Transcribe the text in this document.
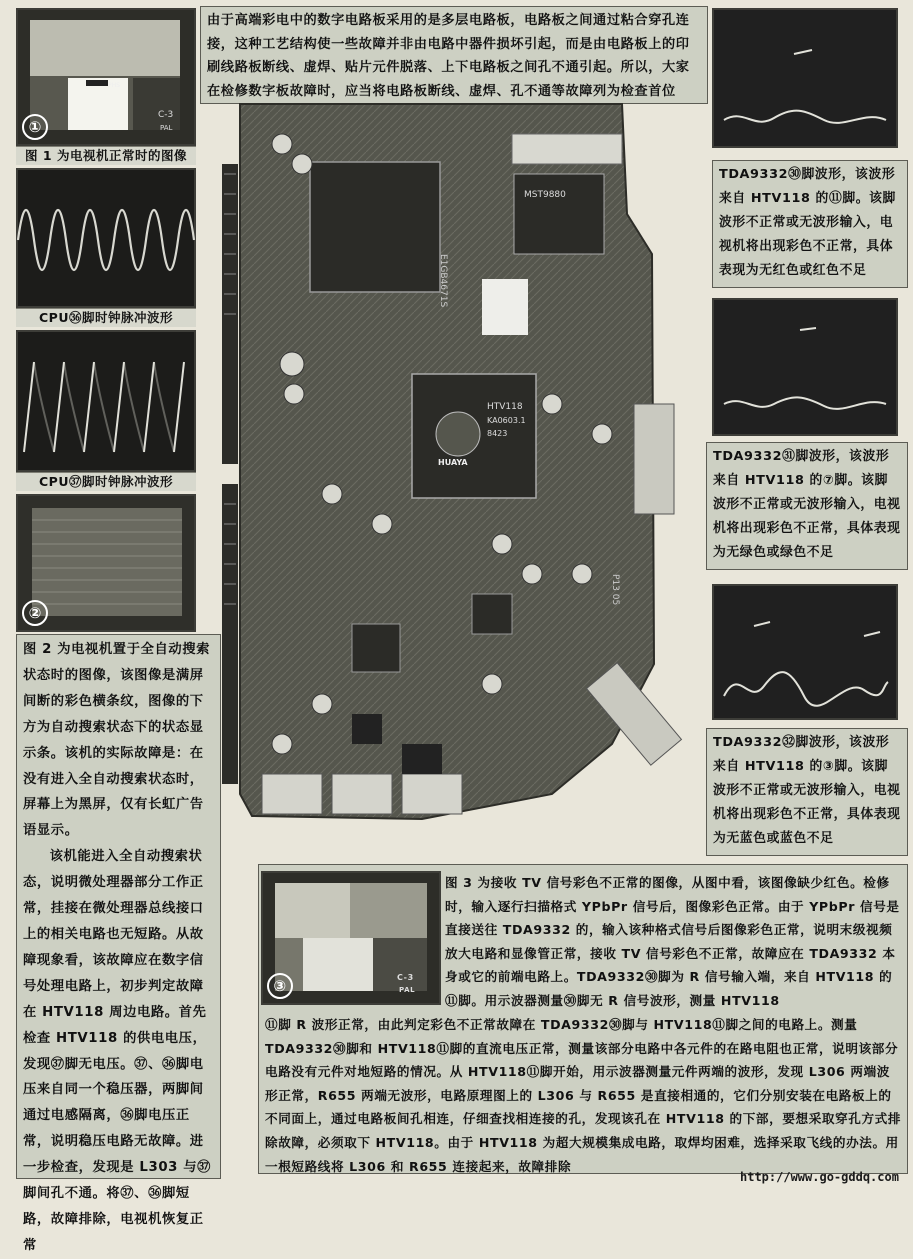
由于高端彩电中的数字电路板采用的是多层电路板，电路板之间通过粘合穿孔连接，这种工艺结构使一些故障并非由电路中器件损坏引起，而是由电路板上的印刷线路板断线、虚焊、贴片元件脱落、上下电路板之间孔不通引起。所以，大家在检修数字板故障时，应当将电路板断线、虚焊、孔不通等故障列为检查首位

PHS
C-3
PAL
①
图 1 为电视机正常时的图像
CPU㊱脚时钟脉冲波形
CPU㊲脚时钟脉冲波形
②

图 2 为电视机置于全自动搜索状态时的图像，该图像是满屏间断的彩色横条纹，图像的下方为自动搜索状态下的状态显示条。该机的实际故障是：在没有进入全自动搜索状态时，屏幕上为黑屏，仅有长虹广告语显示。

该机能进入全自动搜索状态，说明微处理器部分工作正常，挂接在微处理器总线接口上的相关电路也无短路。从故障现象看，该故障应在数字信号处理电路上，初步判定故障在 HTV118 周边电路。首先检查 HTV118 的供电电压，发现㊲脚无电压。㊲、㊱脚电压来自同一个稳压器，两脚间通过电感隔离，㊱脚电压正常，说明稳压电路无故障。进一步检查，发现是 L303 与㊲脚间孔不通。将㊲、㊱脚短路，故障排除，电视机恢复正常

MST9880
HTV118
KA0603.1
8423
HUAYA
E1GB4671S
P13 05

TDA9332㉚脚波形，该波形来自 HTV118 的⑪脚。该脚波形不正常或无波形输入，电视机将出现彩色不正常，具体表现为无红色或红色不足

TDA9332㉛脚波形，该波形来自 HTV118 的⑦脚。该脚波形不正常或无波形输入，电视机将出现彩色不正常，具体表现为无绿色或绿色不足

TDA9332㉜脚波形，该波形来自 HTV118 的③脚。该脚波形不正常或无波形输入，电视机将出现彩色不正常，具体表现为无蓝色或蓝色不足

C-3
PAL
③

图 3 为接收 TV 信号彩色不正常的图像，从图中看，该图像缺少红色。检修时，输入逐行扫描格式 YPbPr 信号后，图像彩色正常。由于 YPbPr 信号是直接送往 TDA9332 的，输入该种格式信号后图像彩色正常，说明末级视频放大电路和显像管正常，接收 TV 信号彩色不正常，故障应在 TDA9332 本身或它的前端电路上。TDA9332㉚脚为 R 信号输入端，来自 HTV118 的⑪脚。用示波器测量㉚脚无 R 信号波形，测量 HTV118

⑪脚 R 波形正常，由此判定彩色不正常故障在 TDA9332㉚脚与 HTV118⑪脚之间的电路上。测量 TDA9332㉚脚和 HTV118⑪脚的直流电压正常，测量该部分电路中各元件的在路电阻也正常，说明该部分电路没有元件对地短路的情况。从 HTV118⑪脚开始，用示波器测量元件两端的波形，发现 L306 两端波形正常，R655 两端无波形，电路原理图上的 L306 与 R655 是直接相通的，它们分别安装在电路板上的不同面上，通过电路板间孔相连，仔细查找相连接的孔，发现该孔在 HTV118 的下部，要想采取穿孔方式排除故障，必须取下 HTV118。由于 HTV118 为超大规模集成电路，取焊均困难，选择采取飞线的办法。用一根短路线将 L306 和 R655 连接起来，故障排除

http://www.go-gddq.com
